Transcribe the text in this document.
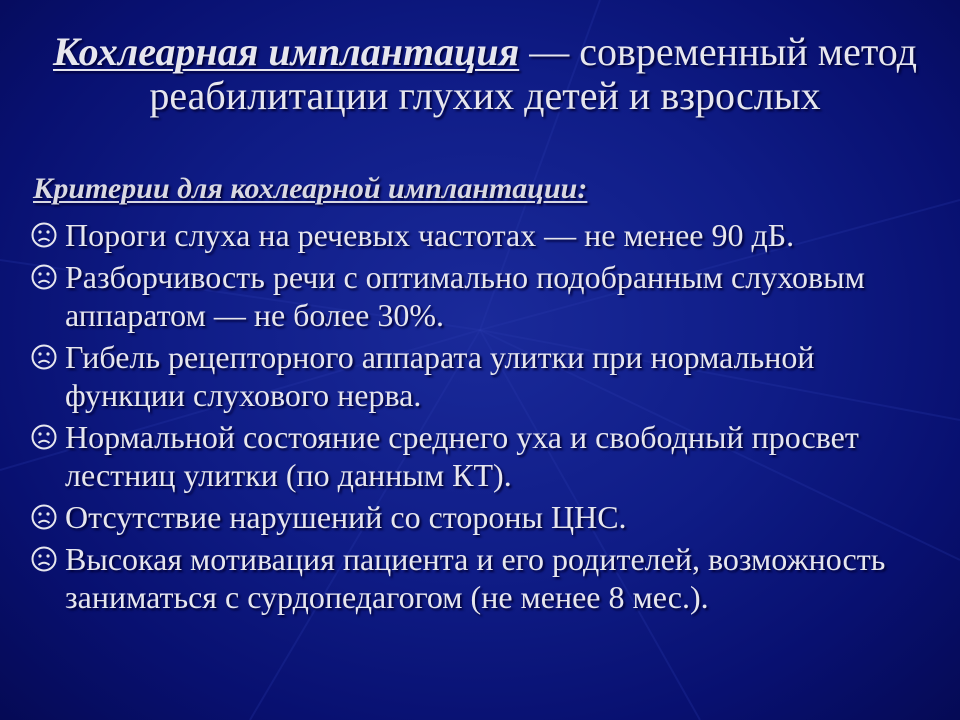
Кохлеарная имплантация — современный метод реабилитации глухих детей и взрослых
Критерии для кохлеарной имплантации:
Пороги слуха на речевых частотах — не менее 90 дБ.
Разборчивость речи с оптимально подобранным слуховым аппаратом — не более 30%.
Гибель рецепторного аппарата улитки при нормальной функции слухового нерва.
Нормальной состояние среднего уха и свободный просвет лестниц улитки (по данным КТ).
Отсутствие нарушений со стороны ЦНС.
Высокая мотивация пациента и его родителей, возможность заниматься с сурдопедагогом (не менее 8 мес.).
